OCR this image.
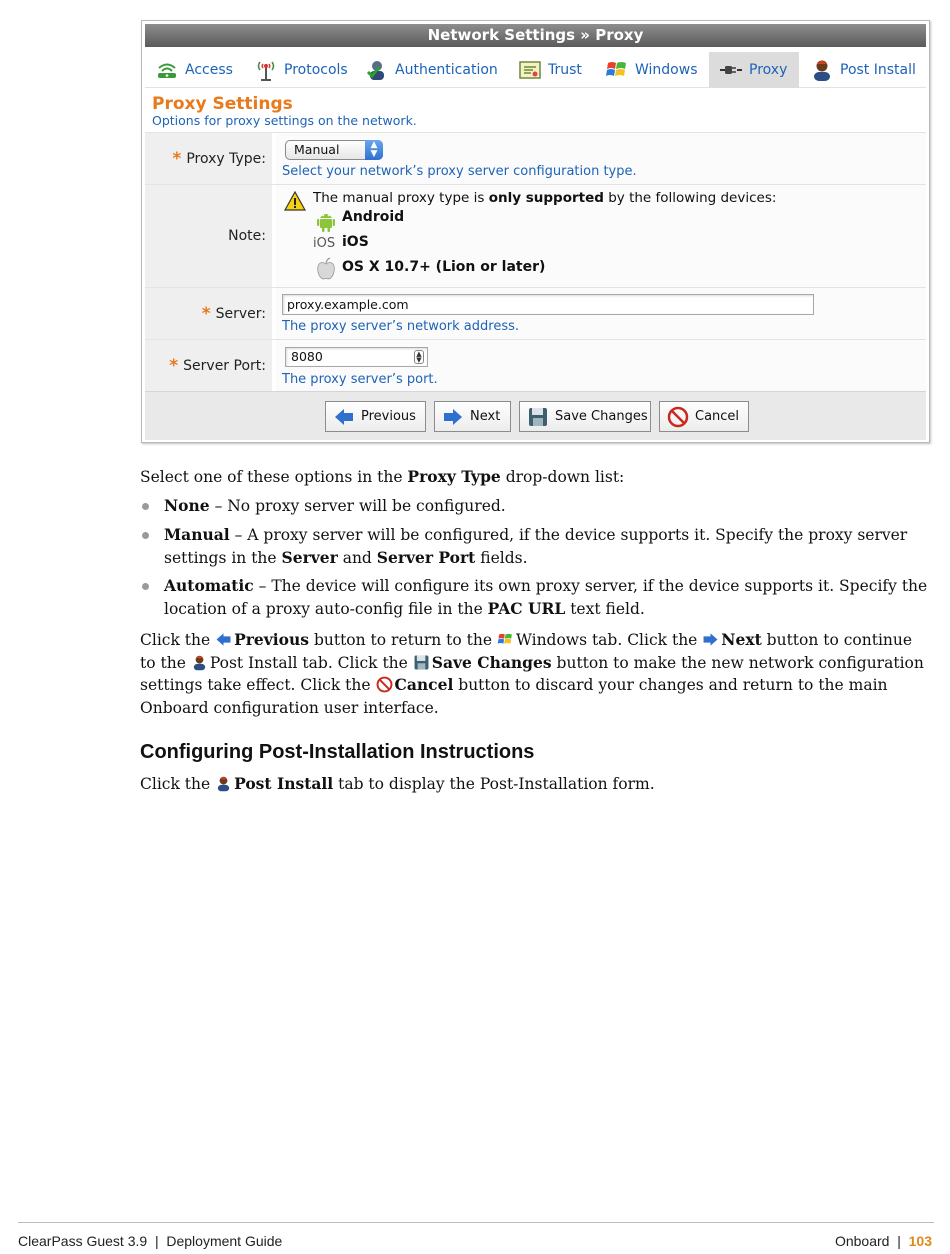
Network Settings » Proxy
Access	Protocols	Authentication	Trust	Windows	Proxy	Post Install
Proxy Settings
Options for proxy settings on the network.
* Proxy Type:
Manual	▲
▼
Select your network’s proxy server configuration type.
Note:
The manual proxy type is only supported by the following devices:
Android
iOS iOS
OS X 10.7+ (Lion or later)
* Server:
proxy.example.com
The proxy server’s network address.
* Server Port:
8080	▲
▼
The proxy server’s port.
Previous	Next	Save Changes	Cancel
Select one of these options in the Proxy Type drop-down list:
None – No proxy server will be configured.
Manual – A proxy server will be configured, if the device supports it. Specify the proxy server settings in the Server and Server Port fields.
Automatic – The device will configure its own proxy server, if the device supports it. Specify the location of a proxy auto-config file in the PAC URL text field.
Click the Previous button to return to the Windows tab. Click the Next button to continue to the Post Install tab. Click the Save Changes button to make the new network configuration settings take effect. Click the Cancel button to discard your changes and return to the main Onboard configuration user interface.
Configuring Post-Installation Instructions
Click the Post Install tab to display the Post-Installation form.
ClearPass Guest 3.9  |  Deployment Guide	Onboard | 103
